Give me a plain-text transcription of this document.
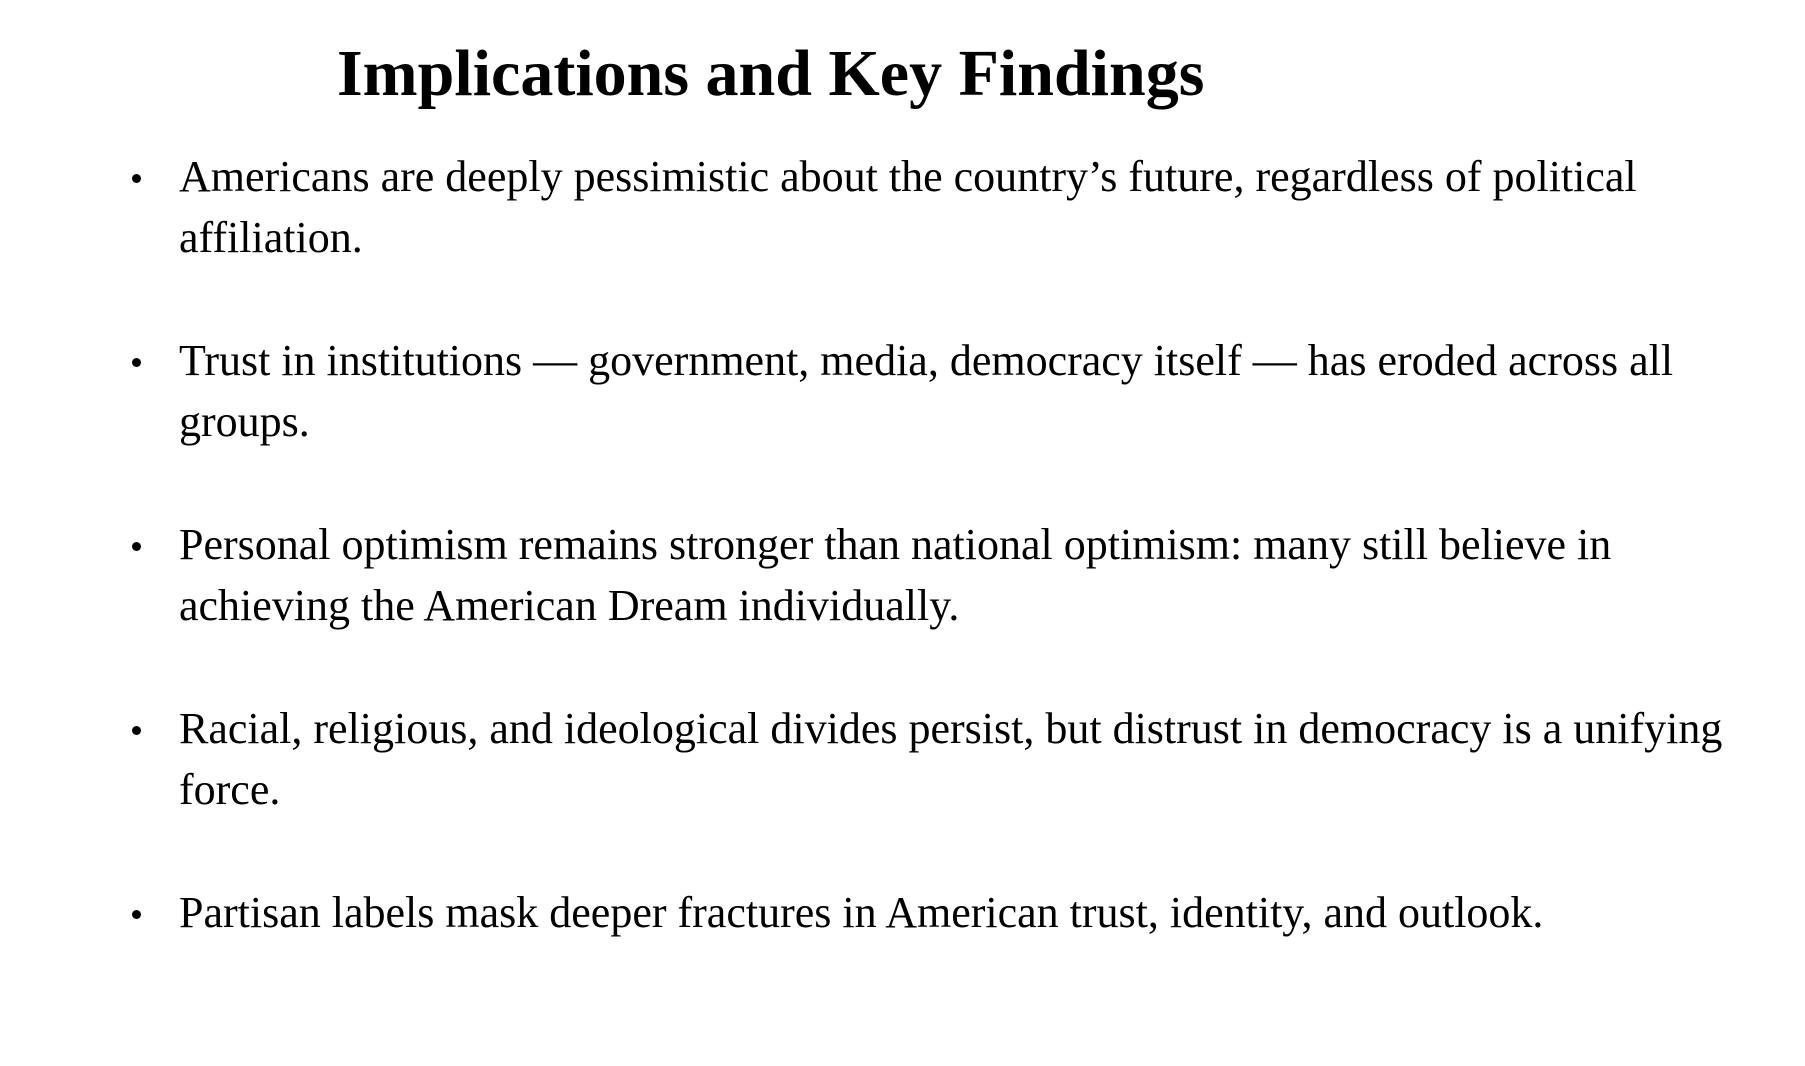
Implications and Key Findings
Americans are deeply pessimistic about the country’s future, regardless of political affiliation.
Trust in institutions — government, media, democracy itself — has eroded across all groups.
Personal optimism remains stronger than national optimism: many still believe in achieving the American Dream individually.
Racial, religious, and ideological divides persist, but distrust in democracy is a unifying force.
Partisan labels mask deeper fractures in American trust, identity, and outlook.
